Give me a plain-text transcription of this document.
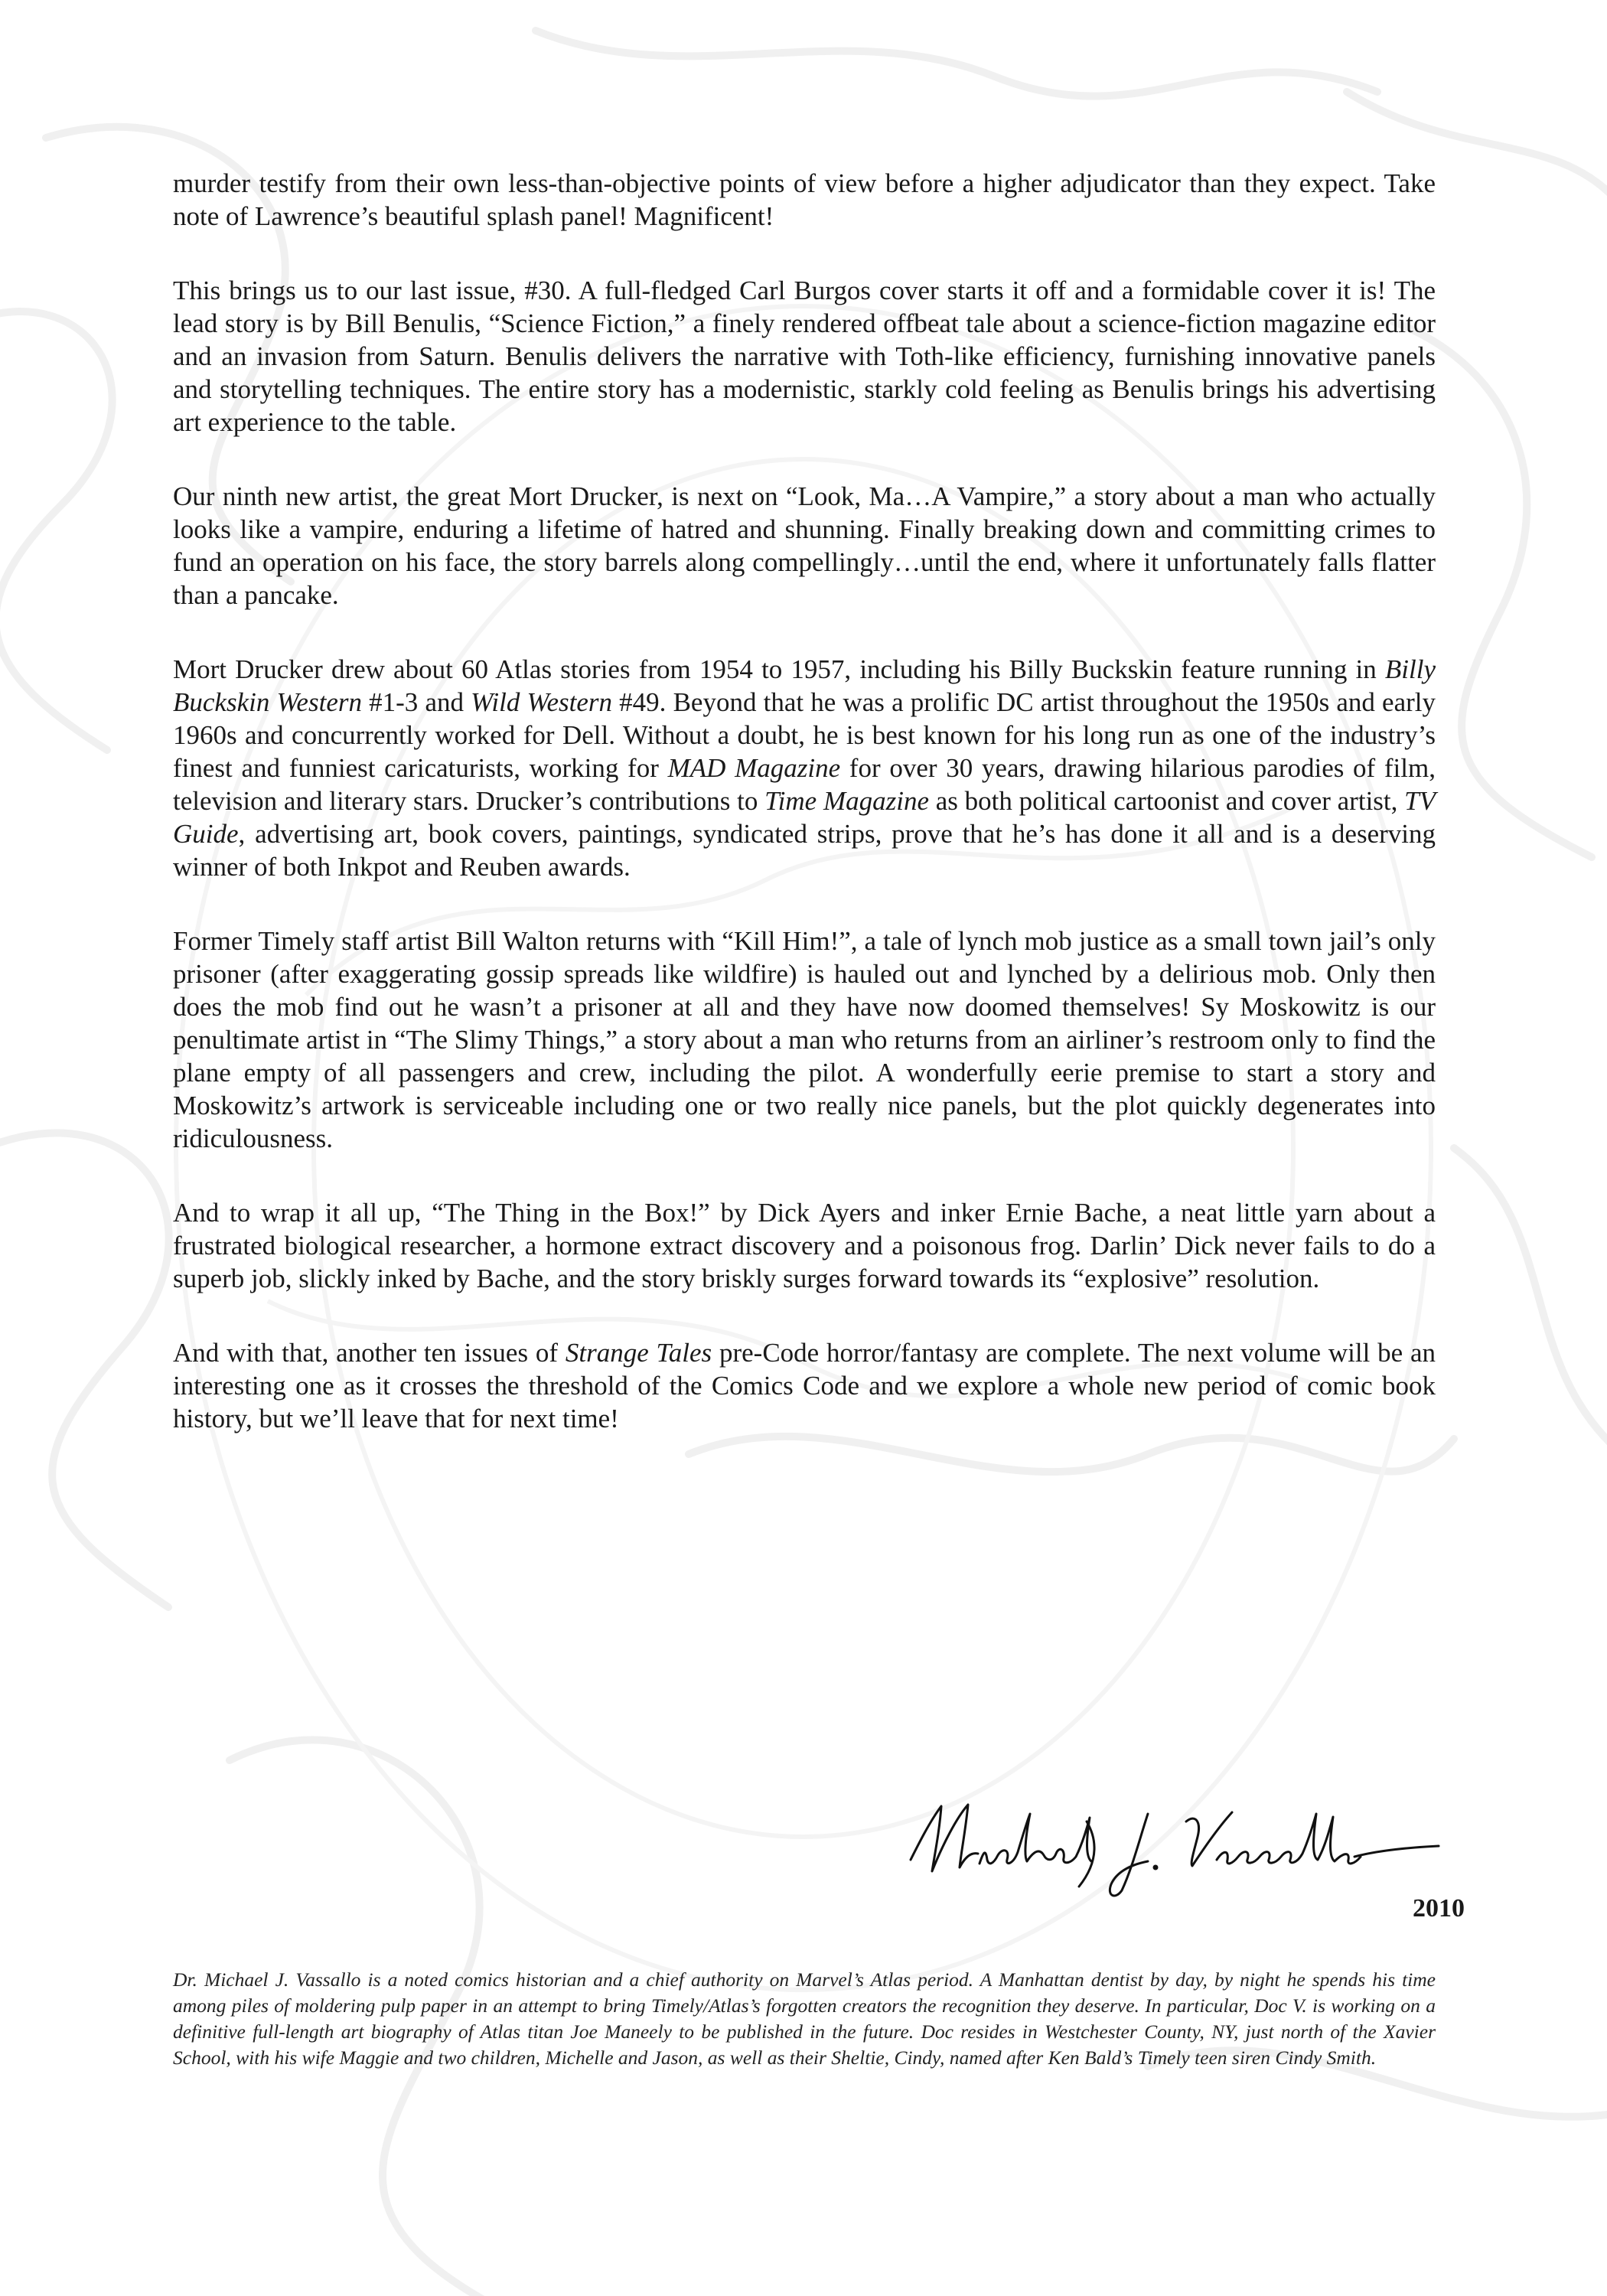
murder testify from their own less-than-objective points of view before a higher adjudicator than they expect. Take note of Lawrence’s beautiful splash panel! Magnificent!

This brings us to our last issue, #30. A full-fledged Carl Burgos cover starts it off and a formidable cover it is! The lead story is by Bill Benulis, “Science Fiction,” a finely rendered offbeat tale about a science-fiction magazine editor and an invasion from Saturn. Benulis delivers the narrative with Toth-like efficiency, furnishing innovative panels and storytelling techniques. The entire story has a modernistic, starkly cold feeling as Benulis brings his advertising art experience to the table.

Our ninth new artist, the great Mort Drucker, is next on “Look, Ma…A Vampire,” a story about a man who actually looks like a vampire, enduring a lifetime of hatred and shunning. Finally breaking down and committing crimes to fund an operation on his face, the story barrels along compellingly…until the end, where it unfortunately falls flatter than a pancake.

Mort Drucker drew about 60 Atlas stories from 1954 to 1957, including his Billy Buckskin feature running in Billy Buckskin Western #1-3 and Wild Western #49. Beyond that he was a prolific DC artist throughout the 1950s and early 1960s and concurrently worked for Dell. Without a doubt, he is best known for his long run as one of the industry’s finest and funniest caricaturists, working for MAD Magazine for over 30 years, drawing hilarious parodies of film, television and literary stars. Drucker’s contributions to Time Magazine as both political cartoonist and cover artist, TV Guide, advertising art, book covers, paintings, syndicated strips, prove that he’s has done it all and is a deserving winner of both Inkpot and Reuben awards.

Former Timely staff artist Bill Walton returns with “Kill Him!”, a tale of lynch mob justice as a small town jail’s only prisoner (after exaggerating gossip spreads like wildfire) is hauled out and lynched by a delirious mob. Only then does the mob find out he wasn’t a prisoner at all and they have now doomed themselves! Sy Moskowitz is our penultimate artist in “The Slimy Things,” a story about a man who returns from an airliner’s restroom only to find the plane empty of all passengers and crew, including the pilot. A wonderfully eerie premise to start a story and Moskowitz’s artwork is serviceable including one or two really nice panels, but the plot quickly degenerates into ridiculousness.

And to wrap it all up, “The Thing in the Box!” by Dick Ayers and inker Ernie Bache, a neat little yarn about a frustrated biological researcher, a hormone extract discovery and a poisonous frog. Darlin’ Dick never fails to do a superb job, slickly inked by Bache, and the story briskly surges forward towards its “explosive” resolution.

And with that, another ten issues of Strange Tales pre-Code horror/fantasy are complete. The next volume will be an interesting one as it crosses the threshold of the Comics Code and we explore a whole new period of comic book history, but we’ll leave that for next time!

2010

Dr. Michael J. Vassallo is a noted comics historian and a chief authority on Marvel’s Atlas period. A Manhattan dentist by day, by night he spends his time among piles of moldering pulp paper in an attempt to bring Timely/Atlas’s forgotten creators the recognition they deserve. In particular, Doc V. is working on a definitive full-length art biography of Atlas titan Joe Maneely to be published in the future. Doc resides in Westchester County, NY, just north of the Xavier School, with his wife Maggie and two children, Michelle and Jason, as well as their Sheltie, Cindy, named after Ken Bald’s Timely teen siren Cindy Smith.
